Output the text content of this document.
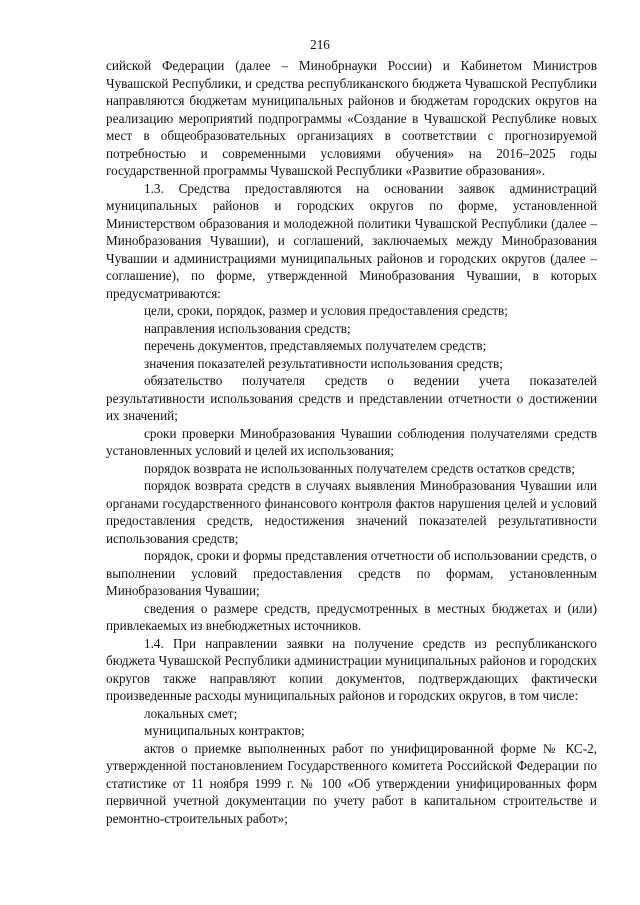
216

сийской Федерации (далее – Минобрнауки России) и Кабинетом Министров Чувашской Республики, и средства республиканского бюджета Чувашской Республики направляются бюджетам муниципальных районов и бюджетам городских округов на реализацию мероприятий подпрограммы «Создание в Чувашской Республике новых мест в общеобразовательных организациях в соответствии с прогнозируемой потребностью и современными условиями обучения» на 2016–2025 годы государственной программы Чувашской Республики «Развитие образования».

1.3. Средства предоставляются на основании заявок администраций муниципальных районов и городских округов по форме, установленной Министерством образования и молодежной политики Чувашской Республики (далее – Минобразования Чувашии), и соглашений, заключаемых между Минобразования Чувашии и администрациями муниципальных районов и городских округов (далее – соглашение), по форме, утвержденной Минобразования Чувашии, в которых предусматриваются:

цели, сроки, порядок, размер и условия предоставления средств;

направления использования средств;

перечень документов, представляемых получателем средств;

значения показателей результативности использования средств;

обязательство получателя средств о ведении учета показателей результативности использования средств и представлении отчетности о достижении их значений;

сроки проверки Минобразования Чувашии соблюдения получателями средств установленных условий и целей их использования;

порядок возврата не использованных получателем средств остатков средств;

порядок возврата средств в случаях выявления Минобразования Чувашии или органами государственного финансового контроля фактов нарушения целей и условий предоставления средств, недостижения значений показателей результативности использования средств;

порядок, сроки и формы представления отчетности об использовании средств, о выполнении условий предоставления средств по формам, установленным Минобразования Чувашии;

сведения о размере средств, предусмотренных в местных бюджетах и (или) привлекаемых из внебюджетных источников.

1.4. При направлении заявки на получение средств из республиканского бюджета Чувашской Республики администрации муниципальных районов и городских округов также направляют копии документов, подтверждающих фактически произведенные расходы муниципальных районов и городских округов, в том числе:

локальных смет;

муниципальных контрактов;

актов о приемке выполненных работ по унифицированной форме № КС-2, утвержденной постановлением Государственного комитета Российской Федерации по статистике от 11 ноября 1999 г. № 100 «Об утверждении унифицированных форм первичной учетной документации по учету работ в капитальном строительстве и ремонтно-строительных работ»;
